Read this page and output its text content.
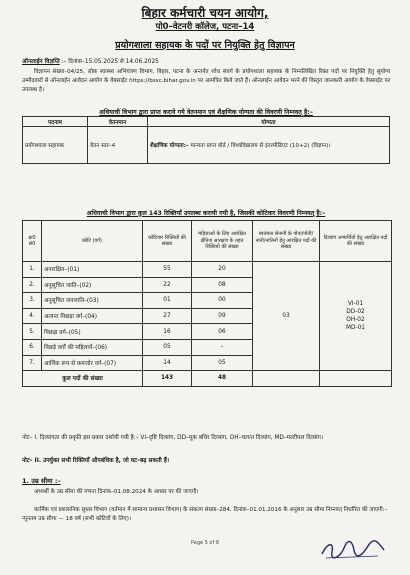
बिहार कर्मचारी चयन आयोग,
पो0–वेटनरी कॉलेज, पटना–14
प्रयोगशाला सहायक के पदों पर नियुक्ति हेतु विज्ञापन
ऑनलाईन विज्ञप्ति :– दिनांक–15.05.2025 से 14.06.2025
विज्ञापन संख्या–04/25, लोक स्वास्थ्य अभियंत्रण विभाग, बिहार, पटना के अन्तर्गत शोध संवर्ग के प्रयोगशाला सहायक के निम्नलिखित रिक्त पदों पर नियुक्ति हेतु सुयोग्य उम्मीदवारों से ऑनलाईन आवेदन आयोग के वेबसाईट https://bssc.bihar.gov.in पर आमंत्रित किये जाते हैं। ऑनलाईन आवेदन भरने की विस्तृत जानकारी आयोग के वेबसाईट पर उपलब्ध है।
अधियाची विभाग द्वारा प्राप्त कराये गये वेतनमान एवं शैक्षणिक योग्यता की विवरणी निम्नवत् है:–
पदनाम	वेतनमान	योग्यता
प्रयोगशाला सहायक	वेतन स्तर–4	शैक्षणिक योग्यता:– मान्यता प्राप्त बोर्ड / विश्वविद्यालय से इंटरमीडिएट (10+2) (विज्ञान)।
अधियाची विभाग द्वारा कुल 143 रिक्तियाँ उपलब्ध करायी गयी है, जिसकी कोटिवार विवरणी निम्नवत् है:–
क्र0 सं0	कोटि (वर्ग)	कोटिवार रिक्तियों की संख्या	महिलाओं के लिए आरक्षित क्षैतिज आरक्षण के तहत रिक्तियों की संख्या	स्वतंत्रता सेनानी के पोता/पोती/नाती/नातिनों हेतु आरक्षित पदों की संख्या	दिव्यांग अभ्यर्थियों हेतु आरक्षित पदों की संख्या
1.	अनारक्षित–(01)	55	20	03	VI-01
DD-02
OH-02
MD-01
2.	अनुसूचित जाति–(02)	22	08		
3.	अनुसूचित जनजाति–(03)	01	00		
4.	अत्यन्त पिछड़ा वर्ग–(04)	27	09		
5.	पिछड़ा वर्ग–(05)	16	06		
6.	पिछड़े वर्गों की महिलायें–(06)	05	–		
7.	आर्थिक रूप से कमजोर वर्ग–(07)	14	05		
कुल पदों की संख्या		143	48		
नोट– I. दिव्यांगता की प्रकृति इस प्रकार दर्शायी गयी है:– VI–दृष्टि दिव्यांग, DD–मूक बधिर दिव्यांग, OH–चलन्त दिव्यांग, MD–मल्टीपल दिव्यांग।
नोट– II. उपर्युक्त सभी रिक्तियाँ औपबंधिक है, जो घट–बढ़ सकती हैं।
1. उम्र सीमा :–
अभ्यर्थी के उम्र सीमा की गणना दिनांक–01.08.2024 के आधार पर की जाएगी।
कार्मिक एवं प्रशासनिक सुधार विभाग (वर्तमान में सामान्य प्रशासन विभाग) के संकल्प संख्या–284, दिनांक–01.01.2016 के अनुसार उम्र सीमा निम्नवत् निर्धारित की जाएगी:–
न्यूनतम उम्र सीमा — 18 वर्ष (सभी कोटियों के लिए)।
Page 5 of 8
